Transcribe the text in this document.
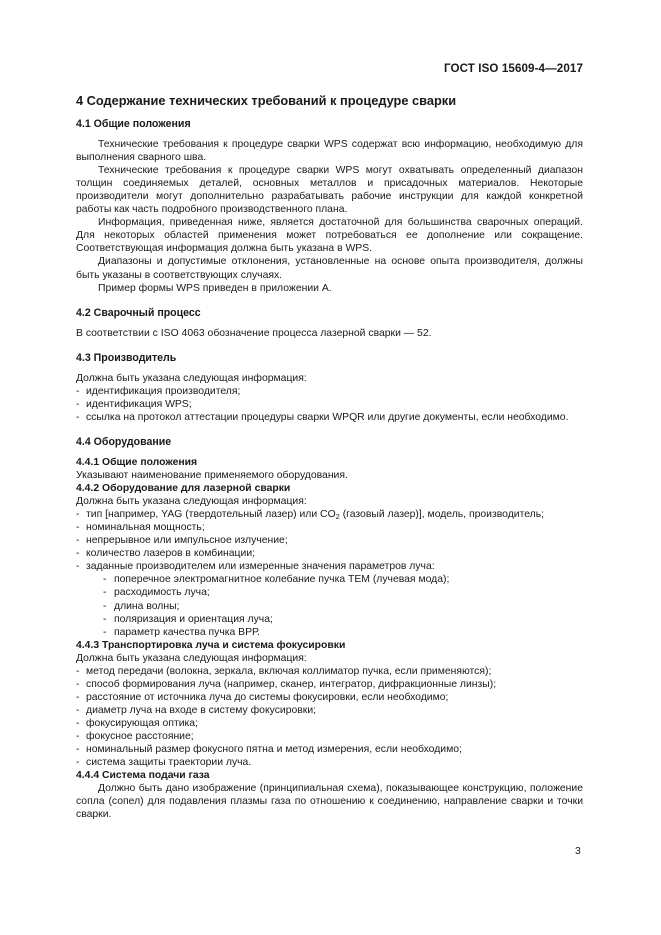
ГОСТ ISO 15609-4—2017
4 Содержание технических требований к процедуре сварки
4.1 Общие положения

Технические требования к процедуре сварки WPS содержат всю информацию, необходимую для выполнения сварного шва.

Технические требования к процедуре сварки WPS могут охватывать определенный диапазон толщин соединяемых деталей, основных металлов и присадочных материалов. Некоторые производители могут дополнительно разрабатывать рабочие инструкции для каждой конкретной работы как часть подробного производственного плана.

Информация, приведенная ниже, является достаточной для большинства сварочных операций. Для некоторых областей применения может потребоваться ее дополнение или сокращение. Соответствующая информация должна быть указана в WPS.

Диапазоны и допустимые отклонения, установленные на основе опыта производителя, должны быть указаны в соответствующих случаях.

Пример формы WPS приведен в приложении А.

4.2 Сварочный процесс

В соответствии с ISO 4063 обозначение процесса лазерной сварки — 52.

4.3 Производитель

Должна быть указана следующая информация:

- идентификация производителя;
- идентификация WPS;
- ссылка на протокол аттестации процедуры сварки WPQR или другие документы, если необходимо.
4.4 Оборудование
4.4.1 Общие положения

Указывают наименование применяемого оборудования.

4.4.2 Оборудование для лазерной сварки

Должна быть указана следующая информация:

- тип [например, YAG (твердотельный лазер) или $CO_2$ (газовый лазер)], модель, производитель;
- номинальная мощность;
- непрерывное или импульсное излучение;
- количество лазеров в комбинации;
- заданные производителем или измеренные значения параметров луча:
- поперечное электромагнитное колебание пучка ТЕМ (лучевая мода);
- расходимость луча;
- длина волны;
- поляризация и ориентация луча;
- параметр качества пучка ВРР.
4.4.3 Транспортировка луча и система фокусировки

Должна быть указана следующая информация:

- метод передачи (волокна, зеркала, включая коллиматор пучка, если применяются);
- способ формирования луча (например, сканер, интегратор, дифракционные линзы);
- расстояние от источника луча до системы фокусировки, если необходимо;
- диаметр луча на входе в систему фокусировки;
- фокусирующая оптика;
- фокусное расстояние;
- номинальный размер фокусного пятна и метод измерения, если необходимо;
- система защиты траектории луча.
4.4.4 Система подачи газа

Должно быть дано изображение (принципиальная схема), показывающее конструкцию, положение сопла (сопел) для подавления плазмы газа по отношению к соединению, направление сварки и точки сварки.

3
